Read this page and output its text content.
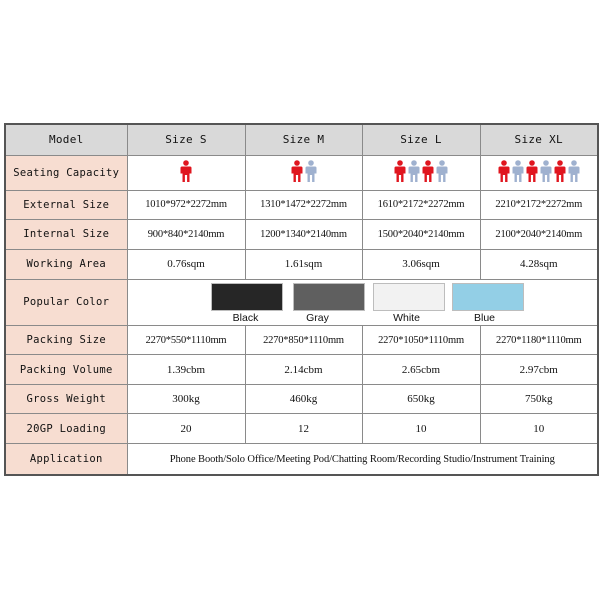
Model	Size S	Size M	Size L	Size XL
Seating Capacity	

External Size	1010*972*2272mm	1310*1472*2272mm	1610*2172*2272mm	2210*2172*2272mm
Internal Size	900*840*2140mm	1200*1340*2140mm	1500*2040*2140mm	2100*2040*2140mm
Working Area	0.76sqm	1.61sqm	3.06sqm	4.28sqm
Popular Color	Black Gray White Blue			

Packing Size	2270*550*1110mm	2270*850*1110mm	2270*1050*1110mm	2270*1180*1110mm
Packing Volume	1.39cbm	2.14cbm	2.65cbm	2.97cbm
Gross Weight	300kg	460kg	650kg	750kg
20GP Loading	20	12	10	10
Application	Phone Booth/Solo Office/Meeting Pod/Chatting Room/Recording Studio/Instrument Training			
